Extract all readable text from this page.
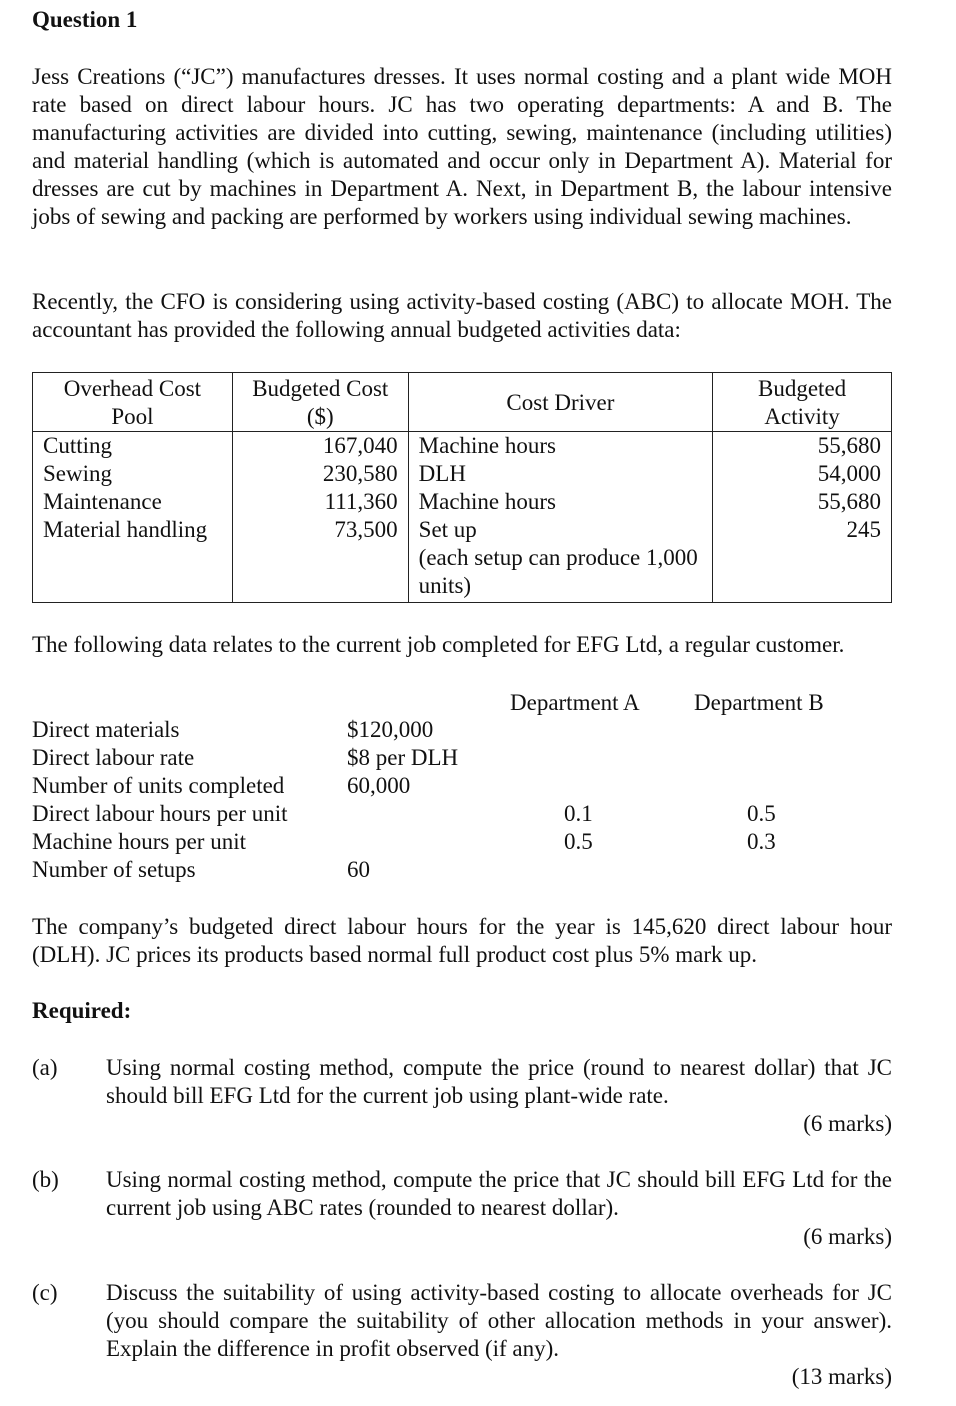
Question 1

Jess Creations (“JC”) manufactures dresses. It uses normal costing and a plant wide MOH rate based on direct labour hours. JC has two operating departments: A and B. The manufacturing activities are divided into cutting, sewing, maintenance (including utilities) and material handling (which is automated and occur only in Department A). Material for dresses are cut by machines in Department A. Next, in Department B, the labour intensive jobs of sewing and packing are performed by workers using individual sewing machines.

Recently, the CFO is considering using activity-based costing (ABC) to allocate MOH. The accountant has provided the following annual budgeted activities data:

Overhead Cost
Pool	Budgeted Cost
($)	Cost Driver	Budgeted
Activity
Cutting	167,040	Machine hours	55,680
Sewing	230,580	DLH	54,000
Maintenance	111,360	Machine hours	55,680
Material handling	73,500	Set up
(each setup can produce 1,000 units)	245

The following data relates to the current job completed for EFG Ltd, a regular customer.

Department A Department B
Direct materials	$120,000
Direct labour rate	$8 per DLH
Number of units completed	60,000
Direct labour hours per unit	0.1	0.5
Machine hours per unit	0.5	0.3
Number of setups	60

The company’s budgeted direct labour hours for the year is 145,620 direct labour hour (DLH). JC prices its products based normal full product cost plus 5% mark up.

Required:
(a) Using normal costing method, compute the price (round to nearest dollar) that JC should bill EFG Ltd for the current job using plant-wide rate.

(6 marks)
(b) Using normal costing method, compute the price that JC should bill EFG Ltd for the current job using ABC rates (rounded to nearest dollar).

(6 marks)
(c) Discuss the suitability of using activity-based costing to allocate overheads for JC (you should compare the suitability of other allocation methods in your answer). Explain the difference in profit observed (if any).

(13 marks)
